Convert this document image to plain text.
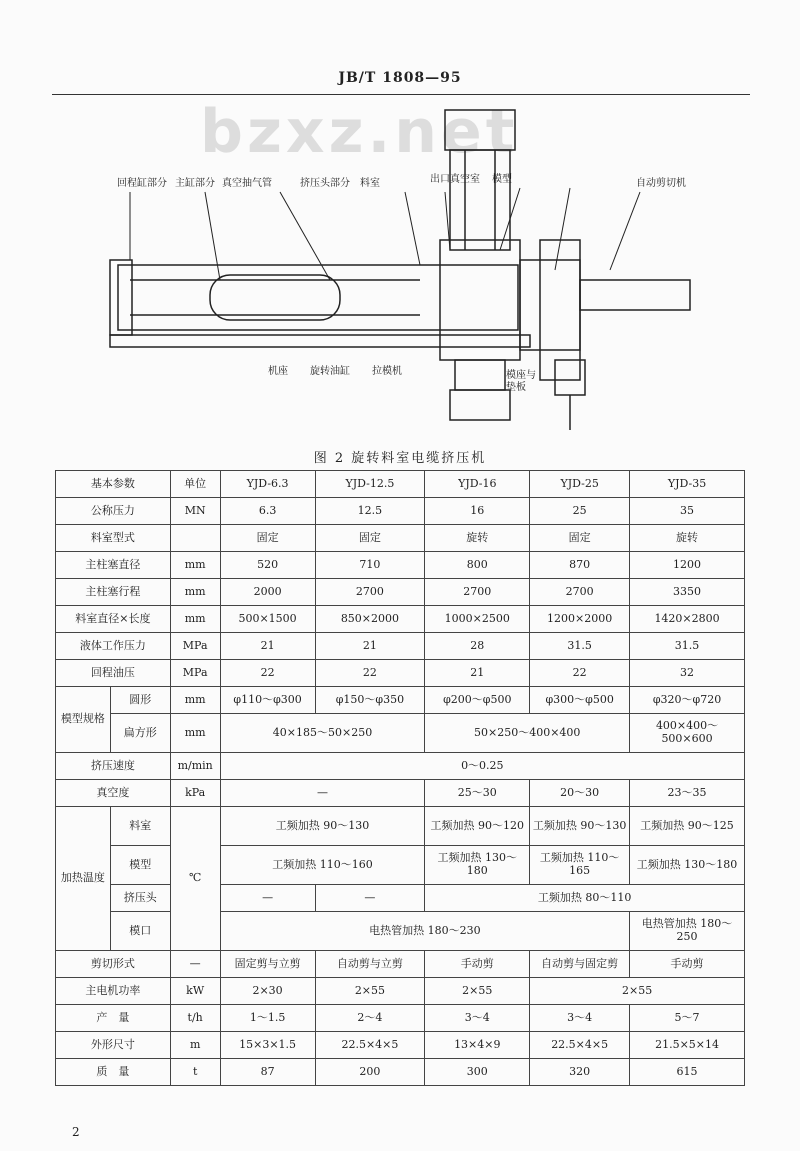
JB/T 1808—95
bzxz.net
回程缸部分 主缸部分 真空抽气管	挤压头部分 料室	出口真空室 模型	自动剪切机
机座 旋转油缸 拉模机	模座与垫板
图 2 旋转料室电缆挤压机
基本参数		单位	YJD-6.3	YJD-12.5	YJD-16	YJD-25	YJD-35
公称压力		MN	6.3	12.5	16	25	35
料室型式			固定	固定	旋转	固定	旋转
主柱塞直径		mm	520	710	800	870	1200
主柱塞行程		mm	2000	2700	2700	2700	3350
料室直径×长度		mm	500×1500	850×2000	1000×2500	1200×2000	1420×2800
液体工作压力		MPa	21	21	28	31.5	31.5
回程油压		MPa	22	22	21	22	32
模型规格	圆形	mm	φ110～φ300	φ150～φ350	φ200～φ500	φ300～φ500	φ320～φ720
	扁方形	mm	40×185～50×250		50×250～400×400		400×400～500×600
挤压速度		m/min	0～0.25				
真空度		kPa	—		25～30	20～30	23～35
加热温度	料室	℃	工频加热 90～130		工频加热 90～120	工频加热 90～130	工频加热 90～125
	模型		工频加热 110～160		工频加热 130～180	工频加热 110～165	工频加热 130～180
	挤压头		—	—	工频加热 80～110		
	模口		电热管加热 180～230				电热管加热 180～250
剪切形式		—	固定剪与立剪	自动剪与立剪	手动剪	自动剪与固定剪	手动剪
主电机功率		kW	2×30	2×55	2×55	2×55	
产　量		t/h	1～1.5	2～4	3～4	3～4	5～7
外形尺寸		m	15×3×1.5	22.5×4×5	13×4×9	22.5×4×5	21.5×5×14
质　量		t	87	200	300	320	615
2
